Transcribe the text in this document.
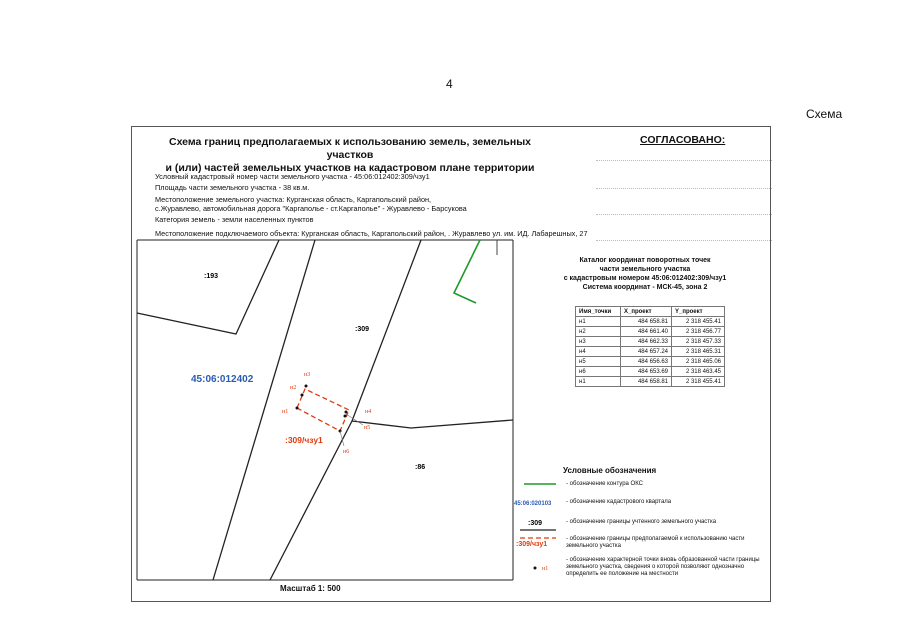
4
Схема
Схема границ предполагаемых к использованию земель, земельных участков
и (или) частей земельных участков на кадастровом плане территории
СОГЛАСОВАНО:
Условный кадастровый номер части земельного участка - 45:06:012402:309/чзу1
Площадь части земельного участка - 38 кв.м.
Местоположение земельного участка: Курганская область, Каргапольский район,
с.Журавлево, автомобильная дорога "Каргаполье - ст.Каргаполье" - Журавлево - Барсукова
Категория земель - земли населенных пунктов
Местоположение подключаемого объекта: Курганская область, Каргапольский район, . Журавлево ул. им. ИД. Лабарешных, 27
:193
:309
:86
45:06:012402
:309/чзу1
н1
н2
н3
н4
н5
н6
45:06:020103
:309
:309/чзу1
н1
Каталог координат поворотных точек
части земельного участка
с кадастровым номером 45:06:012402:309/чзу1
Система координат - МСК-45, зона 2
Имя_точки	X_проект	Y_проект
н1	484 658.81	2 318 455.41
н2	484 661.40	2 318 456.77
н3	484 662.33	2 318 457.33
н4	484 657.24	2 318 465.31
н5	484 656.63	2 318 465.06
н6	484 653.69	2 318 463.45
н1	484 658.81	2 318 455.41
Условные обозначения
- обозначение контура ОКС
- обозначение кадастрового квартала
- обозначение границы учтенного земельного участка
- обозначение границы предполагаемой к использованию части земельного участка
- обозначение характерной точки вновь образованной части границы земельного участка, сведения о которой позволяют однозначно определить ее положение на местности
Масштаб 1: 500
